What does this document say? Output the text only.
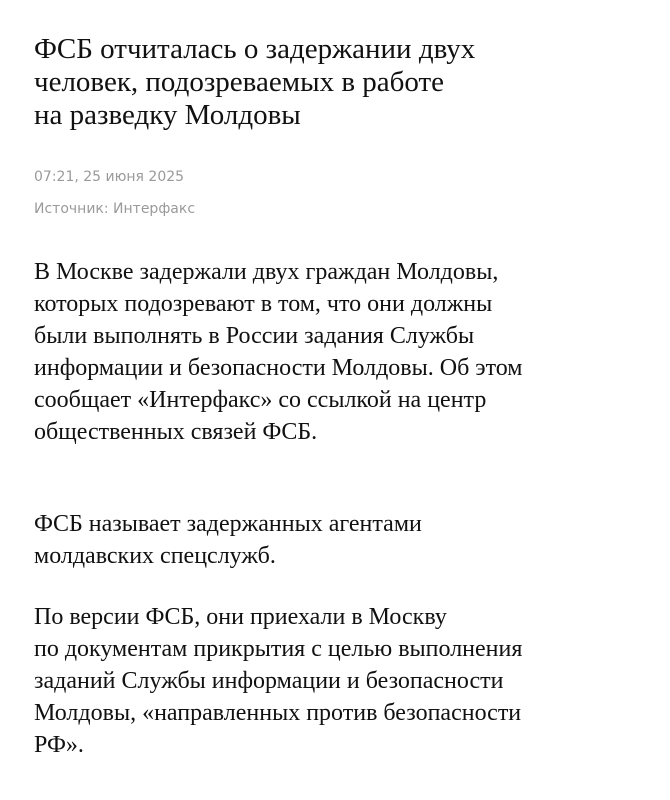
ФСБ отчиталась о задержании двух
человек, подозреваемых в работе
на разведку Молдовы
07:21, 25 июня 2025
Источник: Интерфакс
В Москве задержали двух граждан Молдовы,
которых подозревают в том, что они должны
были выполнять в России задания Службы
информации и безопасности Молдовы. Об этом
сообщает «Интерфакс» со ссылкой на центр
общественных связей ФСБ.
ФСБ называет задержанных агентами
молдавских спецслужб.
По версии ФСБ, они приехали в Москву
по документам прикрытия с целью выполнения
заданий Службы информации и безопасности
Молдовы, «направленных против безопасности
РФ».
